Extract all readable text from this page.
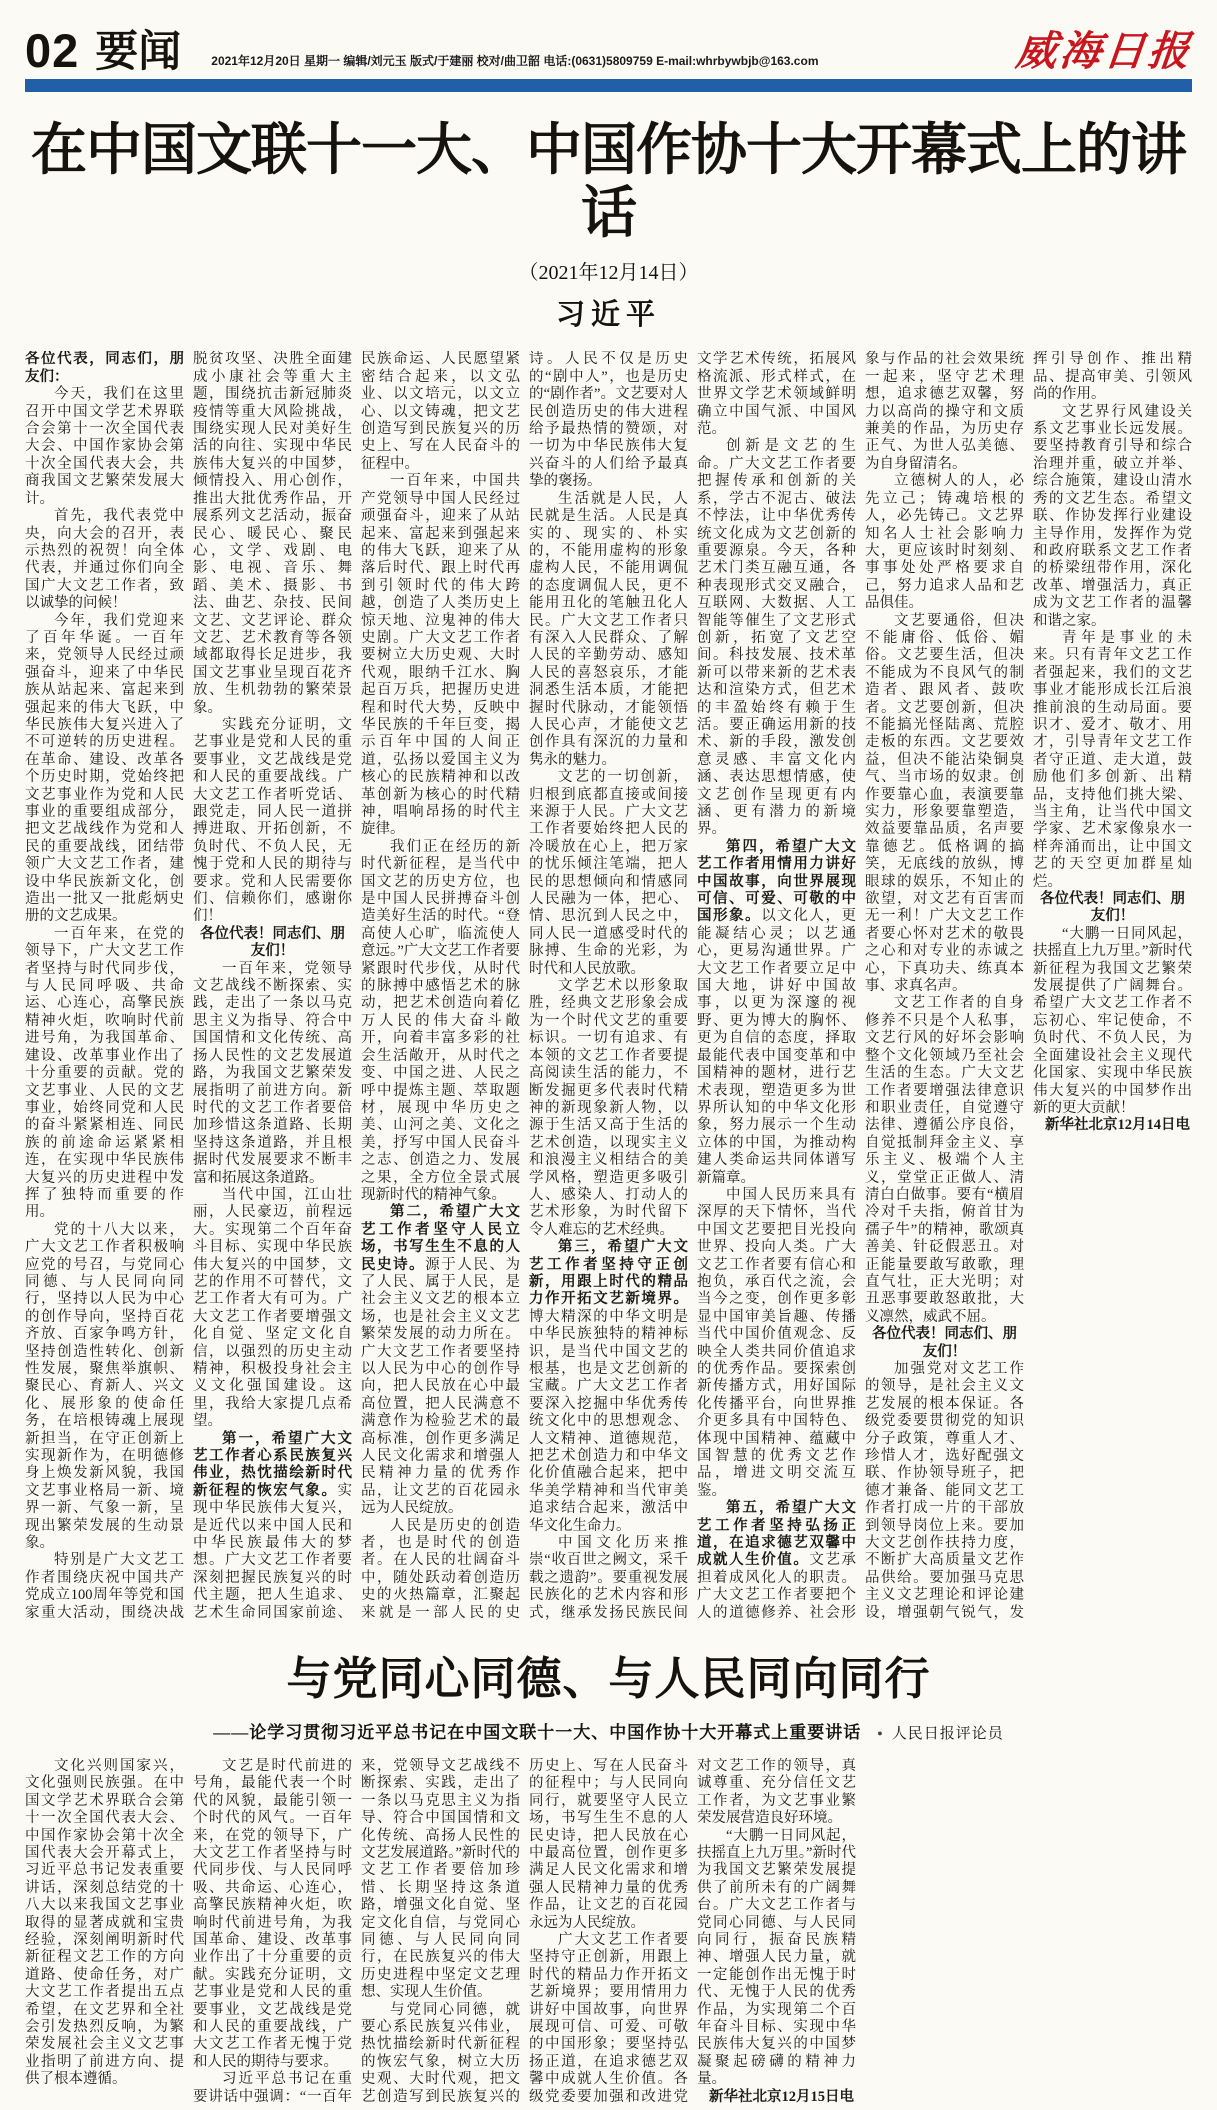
02 要闻	2021年12月20日 星期一 编辑/刘元玉 版式/于建丽 校对/曲卫韶 电话:(0631)5809759 E-mail:whrbywbjb@163.com	威海日报
在中国文联十一大、中国作协十大开幕式上的讲话
（2021年12月14日）
习近平

各位代表，同志们，朋友们：

今天，我们在这里召开中国文学艺术界联合会第十一次全国代表大会、中国作家协会第十次全国代表大会，共商我国文艺繁荣发展大计。

首先，我代表党中央，向大会的召开，表示热烈的祝贺！向全体代表，并通过你们向全国广大文艺工作者，致以诚挚的问候！

今年，我们党迎来了百年华诞。一百年来，党领导人民经过顽强奋斗，迎来了中华民族从站起来、富起来到强起来的伟大飞跃，中华民族伟大复兴进入了不可逆转的历史进程。在革命、建设、改革各个历史时期，党始终把文艺事业作为党和人民事业的重要组成部分，把文艺战线作为党和人民的重要战线，团结带领广大文艺工作者，建设中华民族新文化，创造出一批又一批彪炳史册的文艺成果。

一百年来，在党的领导下，广大文艺工作者坚持与时代同步伐，与人民同呼吸、共命运、心连心，高擎民族精神火炬，吹响时代前进号角，为我国革命、建设、改革事业作出了十分重要的贡献。党的文艺事业、人民的文艺事业，始终同党和人民的奋斗紧紧相连、同民族的前途命运紧紧相连，在实现中华民族伟大复兴的历史进程中发挥了独特而重要的作用。

党的十八大以来，广大文艺工作者积极响应党的号召，与党同心同德、与人民同向同行，坚持以人民为中心的创作导向，坚持百花齐放、百家争鸣方针，坚持创造性转化、创新性发展，聚焦举旗帜、聚民心、育新人、兴文化、展形象的使命任务，在培根铸魂上展现新担当，在守正创新上实现新作为，在明德修身上焕发新风貌，我国文艺事业格局一新、境界一新、气象一新，呈现出繁荣发展的生动景象。

特别是广大文艺工作者围绕庆祝中国共产党成立100周年等党和国家重大活动，围绕决战脱贫攻坚、决胜全面建成小康社会等重大主题，围绕抗击新冠肺炎疫情等重大风险挑战，围绕实现人民对美好生活的向往、实现中华民族伟大复兴的中国梦，倾情投入、用心创作，推出大批优秀作品，开展系列文艺活动，振奋民心、暖民心、聚民心，文学、戏剧、电影、电视、音乐、舞蹈、美术、摄影、书法、曲艺、杂技、民间文艺、文艺评论、群众文艺、艺术教育等各领域都取得长足进步，我国文艺事业呈现百花齐放、生机勃勃的繁荣景象。

实践充分证明，文艺事业是党和人民的重要事业，文艺战线是党和人民的重要战线。广大文艺工作者听党话、跟党走，同人民一道拼搏进取、开拓创新，不负时代、不负人民，无愧于党和人民的期待与要求。党和人民需要你们、信赖你们，感谢你们！

各位代表！同志们、朋友们！

一百年来，党领导文艺战线不断探索、实践，走出了一条以马克思主义为指导、符合中国国情和文化传统、高扬人民性的文艺发展道路，为我国文艺繁荣发展指明了前进方向。新时代的文艺工作者要倍加珍惜这条道路、长期坚持这条道路，并且根据时代发展要求不断丰富和拓展这条道路。

当代中国，江山壮丽，人民豪迈，前程远大。实现第二个百年奋斗目标、实现中华民族伟大复兴的中国梦，文艺的作用不可替代，文艺工作者大有可为。广大文艺工作者要增强文化自觉、坚定文化自信，以强烈的历史主动精神，积极投身社会主义文化强国建设。这里，我给大家提几点希望。

第一，希望广大文艺工作者心系民族复兴伟业，热忱描绘新时代新征程的恢宏气象。实现中华民族伟大复兴，是近代以来中国人民和中华民族最伟大的梦想。广大文艺工作者要深刻把握民族复兴的时代主题，把人生追求、艺术生命同国家前途、民族命运、人民愿望紧密结合起来，以文弘业、以文培元，以文立心、以文铸魂，把文艺创造写到民族复兴的历史上、写在人民奋斗的征程中。

一百年来，中国共产党领导中国人民经过顽强奋斗，迎来了从站起来、富起来到强起来的伟大飞跃，迎来了从落后时代、跟上时代再到引领时代的伟大跨越，创造了人类历史上惊天地、泣鬼神的伟大史剧。广大文艺工作者要树立大历史观、大时代观，眼纳千江水、胸起百万兵，把握历史进程和时代大势，反映中华民族的千年巨变，揭示百年中国的人间正道，弘扬以爱国主义为核心的民族精神和以改革创新为核心的时代精神，唱响昂扬的时代主旋律。

我们正在经历的新时代新征程，是当代中国文艺的历史方位，也是中国人民拼搏奋斗创造美好生活的时代。“登高使人心旷，临流使人意远。”广大文艺工作者要紧跟时代步伐，从时代的脉搏中感悟艺术的脉动，把艺术创造向着亿万人民的伟大奋斗敞开，向着丰富多彩的社会生活敞开，从时代之变、中国之进、人民之呼中提炼主题、萃取题材，展现中华历史之美、山河之美、文化之美，抒写中国人民奋斗之志、创造之力、发展之果，全方位全景式展现新时代的精神气象。

第二，希望广大文艺工作者坚守人民立场，书写生生不息的人民史诗。源于人民、为了人民、属于人民，是社会主义文艺的根本立场，也是社会主义文艺繁荣发展的动力所在。广大文艺工作者要坚持以人民为中心的创作导向，把人民放在心中最高位置，把人民满意不满意作为检验艺术的最高标准，创作更多满足人民文化需求和增强人民精神力量的优秀作品，让文艺的百花园永远为人民绽放。

人民是历史的创造者，也是时代的创造者。在人民的壮阔奋斗中，随处跃动着创造历史的火热篇章，汇聚起来就是一部人民的史诗。人民不仅是历史的“剧中人”，也是历史的“剧作者”。文艺要对人民创造历史的伟大进程给予最热情的赞颂，对一切为中华民族伟大复兴奋斗的人们给予最真挚的褒扬。

生活就是人民，人民就是生活。人民是真实的、现实的、朴实的，不能用虚构的形象虚构人民，不能用调侃的态度调侃人民，更不能用丑化的笔触丑化人民。广大文艺工作者只有深入人民群众、了解人民的辛勤劳动、感知人民的喜怒哀乐，才能洞悉生活本质，才能把握时代脉动，才能领悟人民心声，才能使文艺创作具有深沉的力量和隽永的魅力。

文艺的一切创新，归根到底都直接或间接来源于人民。广大文艺工作者要始终把人民的冷暖放在心上，把万家的忧乐倾注笔端，把人民的思想倾向和情感同人民融为一体，把心、情、思沉到人民之中，同人民一道感受时代的脉搏、生命的光彩，为时代和人民放歌。

文学艺术以形象取胜，经典文艺形象会成为一个时代文艺的重要标识。一切有追求、有本领的文艺工作者要提高阅读生活的能力，不断发掘更多代表时代精神的新现象新人物，以源于生活又高于生活的艺术创造，以现实主义和浪漫主义相结合的美学风格，塑造更多吸引人、感染人、打动人的艺术形象，为时代留下令人难忘的艺术经典。

第三，希望广大文艺工作者坚持守正创新，用跟上时代的精品力作开拓文艺新境界。博大精深的中华文明是中华民族独特的精神标识，是当代中国文艺的根基，也是文艺创新的宝藏。广大文艺工作者要深入挖掘中华优秀传统文化中的思想观念、人文精神、道德规范，把艺术创造力和中华文化价值融合起来，把中华美学精神和当代审美追求结合起来，激活中华文化生命力。

中国文化历来推崇“收百世之阙文，采千载之遗韵”。要重视发展民族化的艺术内容和形式，继承发扬民族民间文学艺术传统，拓展风格流派、形式样式，在世界文学艺术领域鲜明确立中国气派、中国风范。

创新是文艺的生命。广大文艺工作者要把握传承和创新的关系，学古不泥古、破法不悖法，让中华优秀传统文化成为文艺创新的重要源泉。今天，各种艺术门类互融互通，各种表现形式交叉融合，互联网、大数据、人工智能等催生了文艺形式创新，拓宽了文艺空间。科技发展、技术革新可以带来新的艺术表达和渲染方式，但艺术的丰盈始终有赖于生活。要正确运用新的技术、新的手段，激发创意灵感、丰富文化内涵、表达思想情感，使文艺创作呈现更有内涵、更有潜力的新境界。

第四，希望广大文艺工作者用情用力讲好中国故事，向世界展现可信、可爱、可敬的中国形象。以文化人，更能凝结心灵；以艺通心，更易沟通世界。广大文艺工作者要立足中国大地，讲好中国故事，以更为深邃的视野、更为博大的胸怀、更为自信的态度，择取最能代表中国变革和中国精神的题材，进行艺术表现，塑造更多为世界所认知的中华文化形象，努力展示一个生动立体的中国，为推动构建人类命运共同体谱写新篇章。

中国人民历来具有深厚的天下情怀，当代中国文艺要把目光投向世界、投向人类。广大文艺工作者要有信心和抱负，承百代之流，会当今之变，创作更多彰显中国审美旨趣、传播当代中国价值观念、反映全人类共同价值追求的优秀作品。要探索创新传播方式，用好国际化传播平台，向世界推介更多具有中国特色、体现中国精神、蕴藏中国智慧的优秀文艺作品，增进文明交流互鉴。

第五，希望广大文艺工作者坚持弘扬正道，在追求德艺双馨中成就人生价值。文艺承担着成风化人的职责。广大文艺工作者要把个人的道德修养、社会形象与作品的社会效果统一起来，坚守艺术理想，追求德艺双馨，努力以高尚的操守和文质兼美的作品，为历史存正气、为世人弘美德、为自身留清名。

立德树人的人，必先立己；铸魂培根的人，必先铸己。文艺界知名人士社会影响力大，更应该时时刻刻、事事处处严格要求自己，努力追求人品和艺品俱佳。

文艺要通俗，但决不能庸俗、低俗、媚俗。文艺要生活，但决不能成为不良风气的制造者、跟风者、鼓吹者。文艺要创新，但决不能搞光怪陆离、荒腔走板的东西。文艺要效益，但决不能沾染铜臭气、当市场的奴隶。创作要靠心血，表演要靠实力，形象要靠塑造，效益要靠品质，名声要靠德艺。低格调的搞笑，无底线的放纵，博眼球的娱乐，不知止的欲望，对文艺有百害而无一利！广大文艺工作者要心怀对艺术的敬畏之心和对专业的赤诚之心，下真功夫、练真本事、求真名声。

文艺工作者的自身修养不只是个人私事，文艺行风的好坏会影响整个文化领域乃至社会生活的生态。广大文艺工作者要增强法律意识和职业责任，自觉遵守法律、遵循公序良俗，自觉抵制拜金主义、享乐主义、极端个人主义，堂堂正正做人、清清白白做事。要有“横眉冷对千夫指，俯首甘为孺子牛”的精神，歌颂真善美、针砭假恶丑。对正能量要敢写敢歌，理直气壮，正大光明；对丑恶事要敢怒敢批，大义凛然，威武不屈。

各位代表！同志们、朋友们！

加强党对文艺工作的领导，是社会主义文艺发展的根本保证。各级党委要贯彻党的知识分子政策，尊重人才、珍惜人才，选好配强文联、作协领导班子，把德才兼备、能同文艺工作者打成一片的干部放到领导岗位上来。要加大文艺创作扶持力度，不断扩大高质量文艺作品供给。要加强马克思主义文艺理论和评论建设，增强朝气锐气，发挥引导创作、推出精品、提高审美、引领风尚的作用。

文艺界行风建设关系文艺事业长远发展。要坚持教育引导和综合治理并重，破立并举、综合施策，建设山清水秀的文艺生态。希望文联、作协发挥行业建设主导作用，发挥作为党和政府联系文艺工作者的桥梁纽带作用，深化改革、增强活力，真正成为文艺工作者的温馨和谐之家。

青年是事业的未来。只有青年文艺工作者强起来，我们的文艺事业才能形成长江后浪推前浪的生动局面。要识才、爱才、敬才、用才，引导青年文艺工作者守正道、走大道，鼓励他们多创新、出精品，支持他们挑大梁、当主角，让当代中国文学家、艺术家像泉水一样奔涌而出，让中国文艺的天空更加群星灿烂。

各位代表！同志们、朋友们！

“大鹏一日同风起，扶摇直上九万里。”新时代新征程为我国文艺繁荣发展提供了广阔舞台。希望广大文艺工作者不忘初心、牢记使命，不负时代、不负人民，为全面建设社会主义现代化国家、实现中华民族伟大复兴的中国梦作出新的更大贡献！

新华社北京12月14日电

与党同心同德、与人民同向同行
——论学习贯彻习近平总书记在中国文联十一大、中国作协十大开幕式上重要讲话 ● 人民日报评论员

文化兴则国家兴，文化强则民族强。在中国文学艺术界联合会第十一次全国代表大会、中国作家协会第十次全国代表大会开幕式上，习近平总书记发表重要讲话，深刻总结党的十八大以来我国文艺事业取得的显著成就和宝贵经验，深刻阐明新时代新征程文艺工作的方向道路、使命任务，对广大文艺工作者提出五点希望，在文艺界和全社会引发热烈反响，为繁荣发展社会主义文艺事业指明了前进方向、提供了根本遵循。

文艺是时代前进的号角，最能代表一个时代的风貌，最能引领一个时代的风气。一百年来，在党的领导下，广大文艺工作者坚持与时代同步伐、与人民同呼吸、共命运、心连心，高擎民族精神火炬，吹响时代前进号角，为我国革命、建设、改革事业作出了十分重要的贡献。实践充分证明，文艺事业是党和人民的重要事业，文艺战线是党和人民的重要战线，广大文艺工作者无愧于党和人民的期待与要求。

习近平总书记在重要讲话中强调：“一百年来，党领导文艺战线不断探索、实践，走出了一条以马克思主义为指导、符合中国国情和文化传统、高扬人民性的文艺发展道路。”新时代的文艺工作者要倍加珍惜、长期坚持这条道路，增强文化自觉、坚定文化自信，与党同心同德、与人民同向同行，在民族复兴的伟大历史进程中坚定文艺理想、实现人生价值。

与党同心同德，就要心系民族复兴伟业，热忱描绘新时代新征程的恢宏气象，树立大历史观、大时代观，把文艺创造写到民族复兴的历史上、写在人民奋斗的征程中；与人民同向同行，就要坚守人民立场，书写生生不息的人民史诗，把人民放在心中最高位置，创作更多满足人民文化需求和增强人民精神力量的优秀作品，让文艺的百花园永远为人民绽放。

广大文艺工作者要坚持守正创新，用跟上时代的精品力作开拓文艺新境界；要用情用力讲好中国故事，向世界展现可信、可爱、可敬的中国形象；要坚持弘扬正道，在追求德艺双馨中成就人生价值。各级党委要加强和改进党对文艺工作的领导，真诚尊重、充分信任文艺工作者，为文艺事业繁荣发展营造良好环境。

“大鹏一日同风起，扶摇直上九万里。”新时代为我国文艺繁荣发展提供了前所未有的广阔舞台。广大文艺工作者与党同心同德、与人民同向同行，振奋民族精神、增强人民力量，就一定能创作出无愧于时代、无愧于人民的优秀作品，为实现第二个百年奋斗目标、实现中华民族伟大复兴的中国梦凝聚起磅礴的精神力量。

新华社北京12月15日电
